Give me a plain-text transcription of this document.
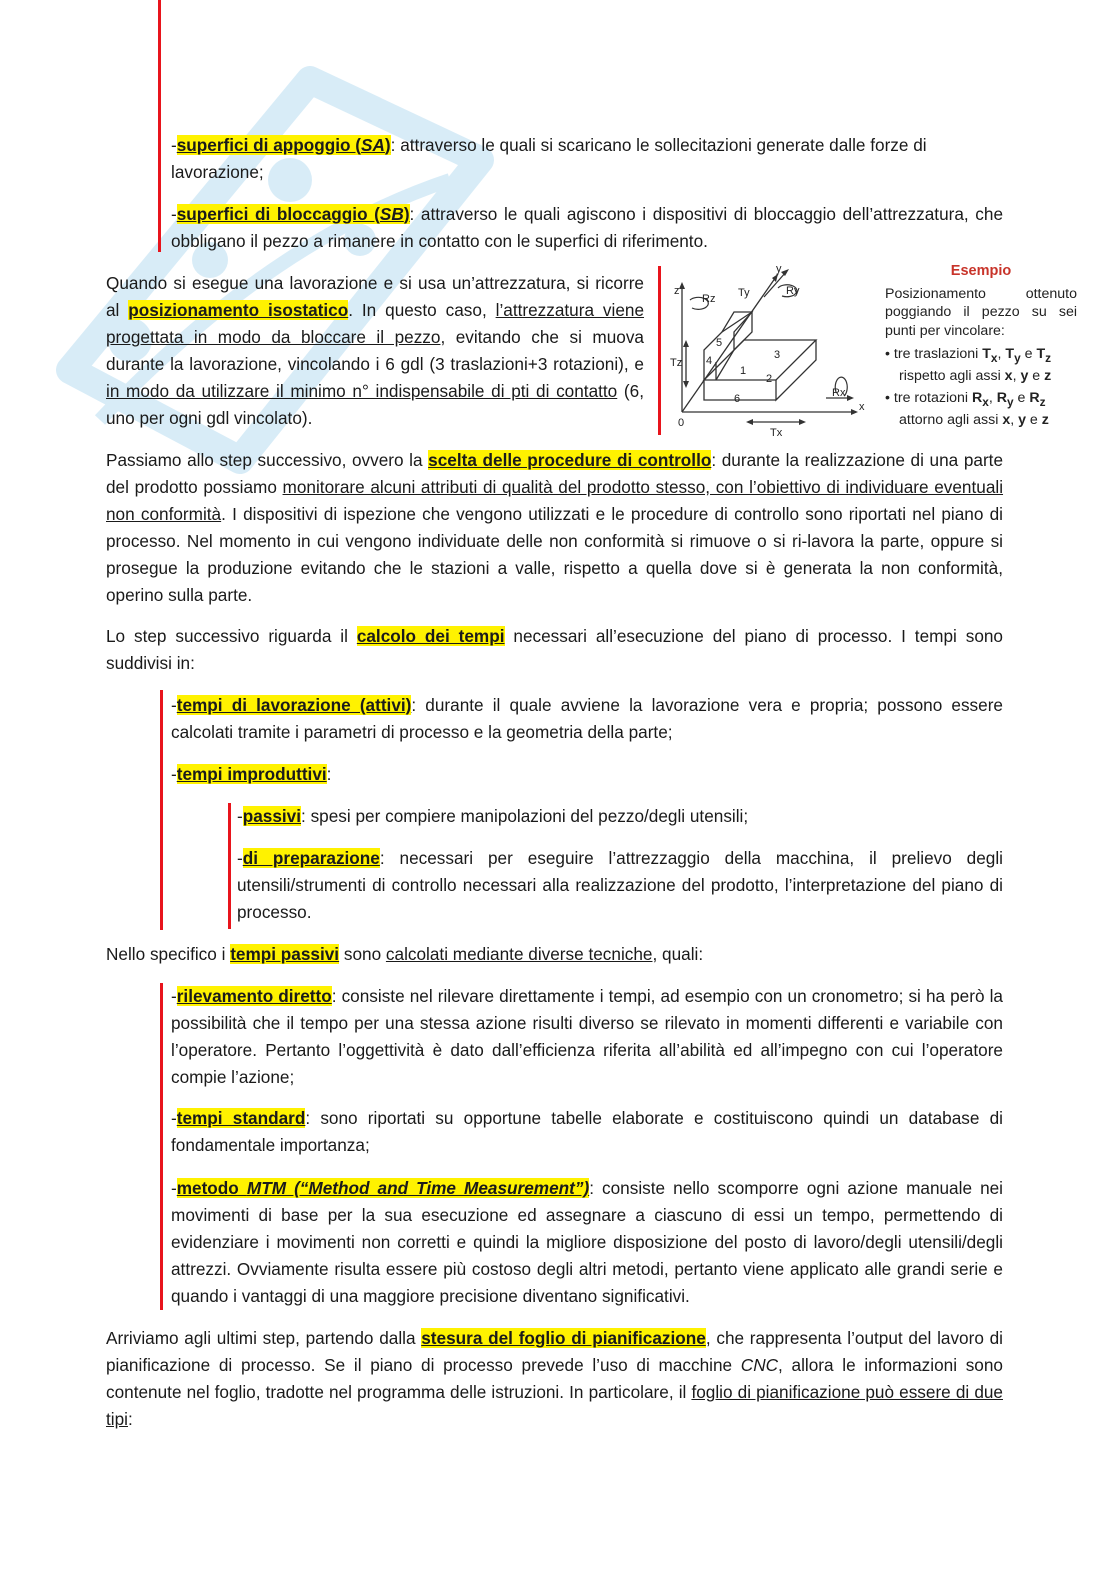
-superfici di appoggio (SA): attraverso le quali si scaricano le sollecitazioni generate dalle forze di
lavorazione;

-superfici di bloccaggio (SB): attraverso le quali agiscono i dispositivi di bloccaggio dell’attrezzatura, che obbligano il pezzo a rimanere in contatto con le superfici di riferimento.

Quando si esegue una lavorazione e si usa un’attrezzatura, si ricorre al posizionamento isostatico. In questo caso, l’attrezzatura viene progettata in modo da bloccare il pezzo, evitando che si muova durante la lavorazione, vincolando i 6 gdl (3 traslazioni+3 rotazioni), e in modo da utilizzare il minimo n° indispensabile di pti di contatto (6, uno per ogni gdl vincolato).

z
y
x
0
Rz
Ry
Rx
Ty
Tz
Tx
1
2
3
4
5
6
Esempio
Posizionamento ottenuto
poggiando il pezzo su sei
punti per vincolare:
• tre traslazioni $T_x$, $T_y$ e $T_z$
rispetto agli assi x, y e z
• tre rotazioni $R_x$, $R_y$ e $R_z$
attorno agli assi x, y e z

Passiamo allo step successivo, ovvero la scelta delle procedure di controllo: durante la realizzazione di una parte del prodotto possiamo monitorare alcuni attributi di qualità del prodotto stesso, con l’obiettivo di individuare eventuali non conformità. I dispositivi di ispezione che vengono utilizzati e le procedure di controllo sono riportati nel piano di processo. Nel momento in cui vengono individuate delle non conformità si rimuove o si ri-lavora la parte, oppure si prosegue la produzione evitando che le stazioni a valle, rispetto a quella dove si è generata la non conformità, operino sulla parte.

Lo step successivo riguarda il calcolo dei tempi necessari all’esecuzione del piano di processo. I tempi sono suddivisi in:

-tempi di lavorazione (attivi): durante il quale avviene la lavorazione vera e propria; possono essere calcolati tramite i parametri di processo e la geometria della parte;

-tempi improduttivi:

-passivi: spesi per compiere manipolazioni del pezzo/degli utensili;

-di preparazione: necessari per eseguire l’attrezzaggio della macchina, il prelievo degli utensili/strumenti di controllo necessari alla realizzazione del prodotto, l’interpretazione del piano di processo.

Nello specifico i tempi passivi sono calcolati mediante diverse tecniche, quali:

-rilevamento diretto: consiste nel rilevare direttamente i tempi, ad esempio con un cronometro; si ha però la possibilità che il tempo per una stessa azione risulti diverso se rilevato in momenti differenti e variabile con l’operatore. Pertanto l’oggettività è dato dall’efficienza riferita all’abilità ed all’impegno con cui l’operatore compie l’azione;

-tempi standard: sono riportati su opportune tabelle elaborate e costituiscono quindi un database di fondamentale importanza;

-metodo MTM (“Method and Time Measurement”): consiste nello scomporre ogni azione manuale nei movimenti di base per la sua esecuzione ed assegnare a ciascuno di essi un tempo, permettendo di evidenziare i movimenti non corretti e quindi la migliore disposizione del posto di lavoro/degli utensili/degli attrezzi. Ovviamente risulta essere più costoso degli altri metodi, pertanto viene applicato alle grandi serie e quando i vantaggi di una maggiore precisione diventano significativi.

Arriviamo agli ultimi step, partendo dalla stesura del foglio di pianificazione, che rappresenta l’output del lavoro di pianificazione di processo. Se il piano di processo prevede l’uso di macchine CNC, allora le informazioni sono contenute nel foglio, tradotte nel programma delle istruzioni. In particolare, il foglio di pianificazione può essere di due tipi:
